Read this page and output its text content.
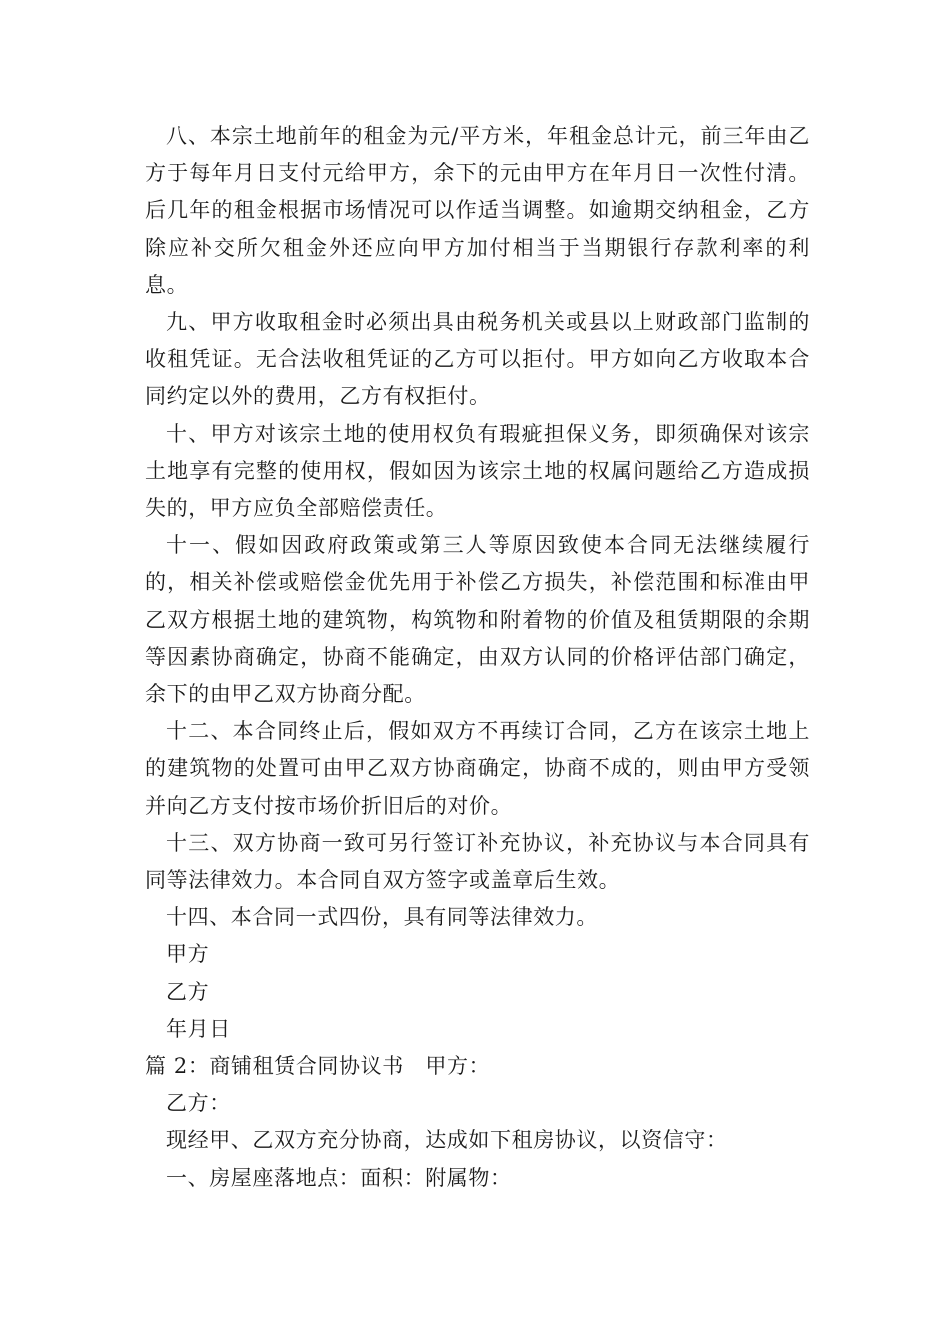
八、本宗土地前年的租金为元/平方米，年租金总计元，前三年由乙方于每年月日支付元给甲方，余下的元由甲方在年月日一次性付清。后几年的租金根据市场情况可以作适当调整。如逾期交纳租金，乙方除应补交所欠租金外还应向甲方加付相当于当期银行存款利率的利息。

九、甲方收取租金时必须出具由税务机关或县以上财政部门监制的收租凭证。无合法收租凭证的乙方可以拒付。甲方如向乙方收取本合同约定以外的费用，乙方有权拒付。

十、甲方对该宗土地的使用权负有瑕疵担保义务，即须确保对该宗土地享有完整的使用权，假如因为该宗土地的权属问题给乙方造成损失的，甲方应负全部赔偿责任。

十一、假如因政府政策或第三人等原因致使本合同无法继续履行的，相关补偿或赔偿金优先用于补偿乙方损失，补偿范围和标准由甲乙双方根据土地的建筑物，构筑物和附着物的价值及租赁期限的余期等因素协商确定，协商不能确定，由双方认同的价格评估部门确定，余下的由甲乙双方协商分配。

十二、本合同终止后，假如双方不再续订合同，乙方在该宗土地上的建筑物的处置可由甲乙双方协商确定，协商不成的，则由甲方受领并向乙方支付按市场价折旧后的对价。

十三、双方协商一致可另行签订补充协议，补充协议与本合同具有同等法律效力。本合同自双方签字或盖章后生效。

十四、本合同一式四份，具有同等法律效力。

甲方

乙方

年月日

篇 2：商铺租赁合同协议书　甲方：

乙方：

现经甲、乙双方充分协商，达成如下租房协议，以资信守：

一、房屋座落地点：面积：附属物：
